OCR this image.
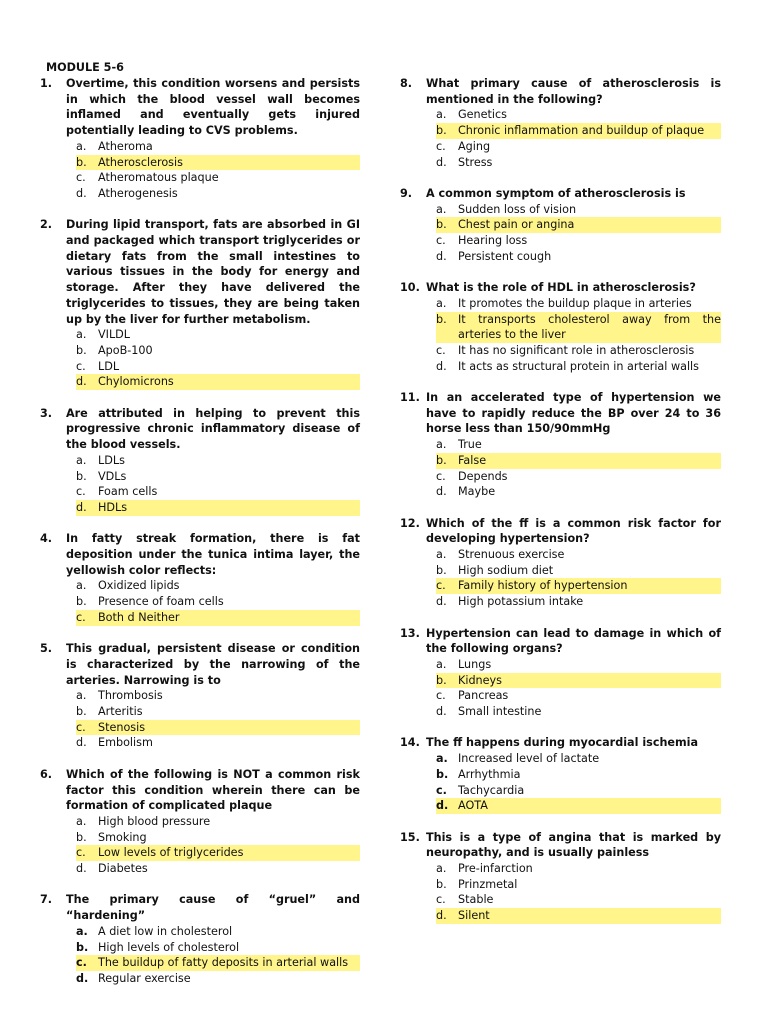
MODULE 5-6
1.	Overtime, this condition worsens and persists in which the blood vessel wall becomes inflamed and eventually gets injured potentially leading to CVS problems.
a.	Atheroma
b.	Atherosclerosis
c.	Atheromatous plaque
d.	Atherogenesis
2.	During lipid transport, fats are absorbed in GI and packaged which transport triglycerides or dietary fats from the small intestines to various tissues in the body for energy and storage. After they have delivered the triglycerides to tissues, they are being taken up by the liver for further metabolism.
a.	VILDL
b.	ApoB-100
c.	LDL
d.	Chylomicrons
3.	Are attributed in helping to prevent this progressive chronic inflammatory disease of the blood vessels.
a.	LDLs
b.	VDLs
c.	Foam cells
d.	HDLs
4.	In fatty streak formation, there is fat deposition under the tunica intima layer, the yellowish color reflects:
a.	Oxidized lipids
b.	Presence of foam cells
c.	Both d Neither
5.	This gradual, persistent disease or condition is characterized by the narrowing of the arteries. Narrowing is to
a.	Thrombosis
b.	Arteritis
c.	Stenosis
d.	Embolism
6.	Which of the following is NOT a common risk factor this condition wherein there can be formation of complicated plaque
a.	High blood pressure
b.	Smoking
c.	Low levels of triglycerides
d.	Diabetes
7.	The primary cause of “gruel” and “hardening”
a. A diet low in cholesterol
b. High levels of cholesterol
c. The buildup of fatty deposits in arterial walls
d. Regular exercise
8.	What primary cause of atherosclerosis is mentioned in the following?
a.	Genetics
b.	Chronic inflammation and buildup of plaque
c.	Aging
d.	Stress
9.	A common symptom of atherosclerosis is
a.	Sudden loss of vision
b.	Chest pain or angina
c.	Hearing loss
d.	Persistent cough
10. What is the role of HDL in atherosclerosis?
a.	It promotes the buildup plaque in arteries
b.	It transports cholesterol away from the arteries to the liver
c.	It has no significant role in atherosclerosis
d.	It acts as structural protein in arterial walls
11. In an accelerated type of hypertension we have to rapidly reduce the BP over 24 to 36 horse less than 150/90mmHg
a.	True
b.	False
c.	Depends
d.	Maybe
12. Which of the ff is a common risk factor for developing hypertension?
a.	Strenuous exercise
b.	High sodium diet
c.	Family history of hypertension
d.	High potassium intake
13. Hypertension can lead to damage in which of the following organs?
a.	Lungs
b.	Kidneys
c.	Pancreas
d.	Small intestine
14. The ff happens during myocardial ischemia
a. Increased level of lactate
b. Arrhythmia
c. Tachycardia
d. AOTA
15. This is a type of angina that is marked by neuropathy, and is usually painless
a.	Pre-infarction
b.	Prinzmetal
c.	Stable
d.	Silent
